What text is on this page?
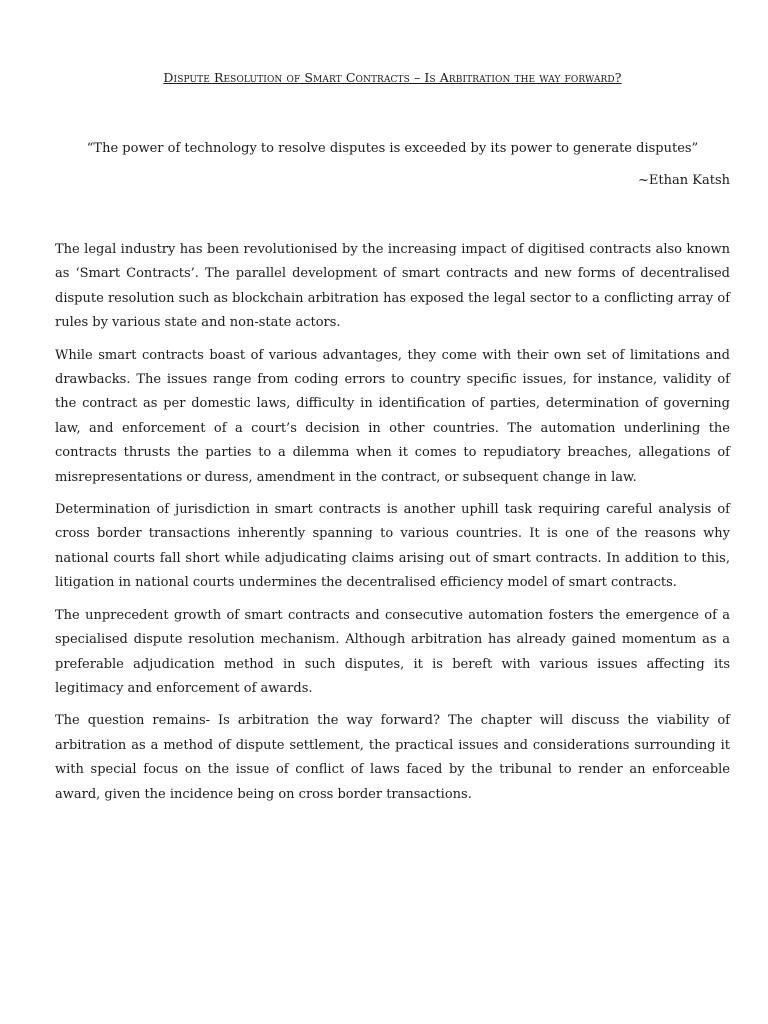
Dispute Resolution of Smart Contracts – Is Arbitration the way forward?

“The power of technology to resolve disputes is exceeded by its power to generate disputes”

~Ethan Katsh

The legal industry has been revolutionised by the increasing impact of digitised contracts also known as ‘Smart Contracts’. The parallel development of smart contracts and new forms of decentralised dispute resolution such as blockchain arbitration has exposed the legal sector to a conflicting array of rules by various state and non-state actors.

While smart contracts boast of various advantages, they come with their own set of limitations and drawbacks. The issues range from coding errors to country specific issues, for instance, validity of the contract as per domestic laws, difficulty in identification of parties, determination of governing law, and enforcement of a court’s decision in other countries. The automation underlining the contracts thrusts the parties to a dilemma when it comes to repudiatory breaches, allegations of misrepresentations or duress, amendment in the contract, or subsequent change in law.

Determination of jurisdiction in smart contracts is another uphill task requiring careful analysis of cross border transactions inherently spanning to various countries. It is one of the reasons why national courts fall short while adjudicating claims arising out of smart contracts. In addition to this, litigation in national courts undermines the decentralised efficiency model of smart contracts.

The unprecedent growth of smart contracts and consecutive automation fosters the emergence of a specialised dispute resolution mechanism. Although arbitration has already gained momentum as a preferable adjudication method in such disputes, it is bereft with various issues affecting its legitimacy and enforcement of awards.

The question remains- Is arbitration the way forward? The chapter will discuss the viability of arbitration as a method of dispute settlement, the practical issues and considerations surrounding it with special focus on the issue of conflict of laws faced by the tribunal to render an enforceable award, given the incidence being on cross border transactions.
